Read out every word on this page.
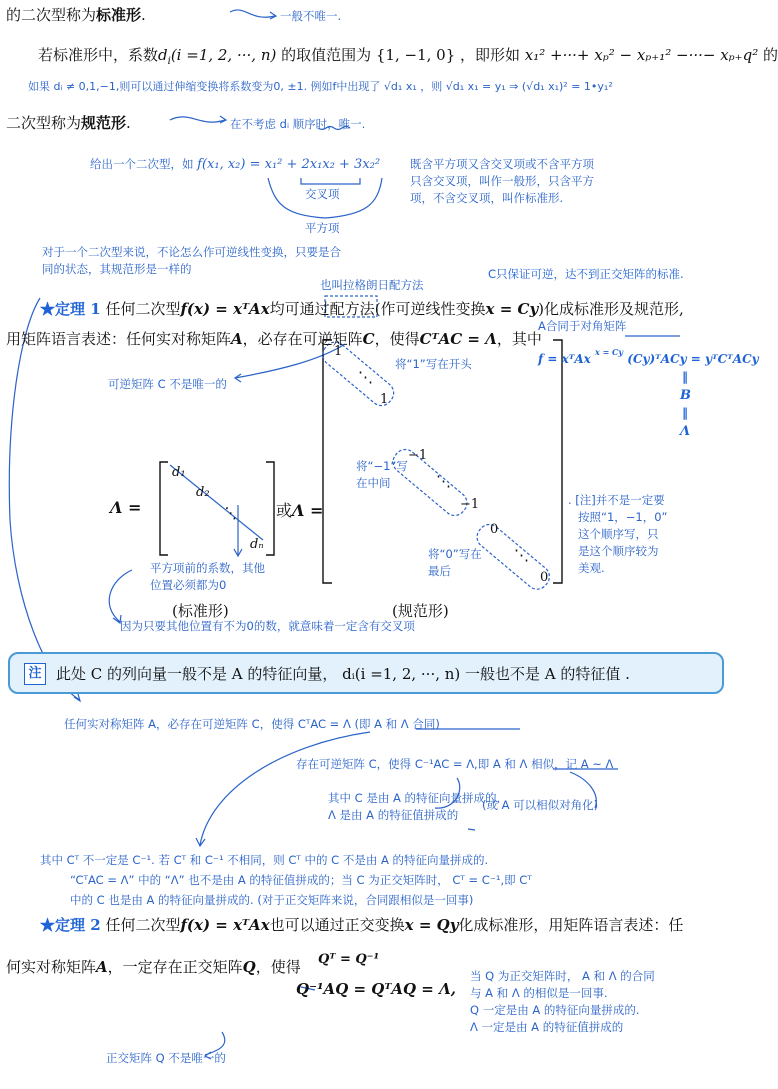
的二次型称为标准形.	一般不唯一.
若标准形中，系数$d_i(i =1$, 2, ···, n) 的取值范围为 {1, −1, 0} ，即形如 x₁² +···+ xₚ² − xₚ₊₁² −···− xₚ₊q² 的
如果 dᵢ ≠ 0,1,−1,则可以通过伸缩变换将系数变为0, ±1. 例如f中出现了 √d₁ x₁ ，则 √d₁ x₁ = y₁ ⇒ (√d₁ x₁)² = 1•y₁²
二次型称为规范形.	在不考虑 dᵢ 顺序时，唯一.
给出一个二次型，如 f(x₁, x₂) = x₁² + 2x₁x₂ + 3x₂²
交叉项
平方项
既含平方项又含交叉项或不含平方项
只含交叉项，叫作一般形，只含平方
项，不含交叉项，叫作标准形.
对于一个二次型来说，不论怎么作可逆线性变换，只要是合
同的状态，其规范形是一样的
也叫拉格朗日配方法
C只保证可逆，达不到正交矩阵的标准.
★定理 1 任何二次型f(x) = xᵀAx均可通过配方法(作可逆线性变换x = Cy)化成标准形及规范形,
A合同于对角矩阵
用矩阵语言表述：任何实对称矩阵A，必存在可逆矩阵C，使得CᵀAC = Λ，其中
f = xᵀAx $^{x = Cy}$ (Cy)ᵀACy = yᵀCᵀACy
‖
B
‖
Λ
可逆矩阵 C 不是唯一的
Λ =
d₁
d₂
⋱
dₙ
或Λ =
1
⋱
1
−1
⋱
−1
0
⋱
0
将“1”写在开头
将“−1”写
在中间
将“0”写在
最后
. [注]并不是一定要
按照“1，−1，0”
这个顺序写，只
是这个顺序较为
美观.
平方项前的系数，其他
位置必须都为0
(标准形)	(规范形)
因为只要其他位置有不为0的数，就意味着一定含有交叉项
注 此处 C 的列向量一般不是 A 的特征向量， dᵢ(i =1, 2, ···, n) 一般也不是 A 的特征值 .
任何实对称矩阵 A，必存在可逆矩阵 C，使得 CᵀAC = Λ (即 A 和 Λ 合同)
存在可逆矩阵 C，使得 C⁻¹AC = Λ,即 A 和 Λ 相似，记 A ~ Λ
其中 C 是由 A 的特征向量拼成的,
Λ 是由 A 的特征值拼成的
(或 A 可以相似对角化)
其中 Cᵀ 不一定是 C⁻¹. 若 Cᵀ 和 C⁻¹ 不相同，则 Cᵀ 中的 C 不是由 A 的特征向量拼成的.
“CᵀAC = Λ” 中的 “Λ” 也不是由 A 的特征值拼成的；当 C 为正交矩阵时， Cᵀ = C⁻¹,即 Cᵀ
中的 C 也是由 A 的特征向量拼成的. (对于正交矩阵来说，合同跟相似是一回事)
★定理 2 任何二次型f(x) = xᵀAx也可以通过正交变换x = Qy化成标准形，用矩阵语言表述：任
何实对称矩阵A，一定存在正交矩阵Q，使得 Qᵀ = Q⁻¹
Q⁻¹AQ = QᵀAQ = Λ,
正交矩阵 Q 不是唯一的
当 Q 为正交矩阵时， A 和 Λ 的合同
与 A 和 Λ 的相似是一回事.
Q 一定是由 A 的特征向量拼成的.
Λ 一定是由 A 的特征值拼成的
